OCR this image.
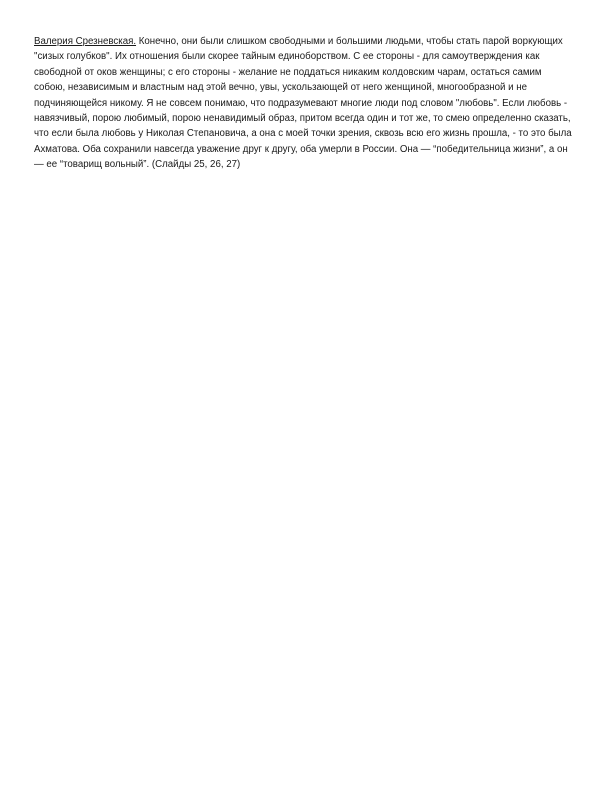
Валерия Срезневская. Конечно, они были слишком свободными и большими людьми, чтобы стать парой воркующих "сизых голубков". Их отношения были скорее тайным единоборством. С ее стороны - для самоутверждения как свободной от оков женщины; с его стороны - желание не поддаться никаким колдовским чарам, остаться самим собою, независимым и властным над этой вечно, увы, ускользающей от него женщиной, многообразной и не подчиняющейся никому. Я не совсем понимаю, что подразумевают многие люди под словом "любовь". Если любовь - навязчивый, порою любимый, порою ненавидимый образ, притом всегда один и тот же, то смею определенно сказать, что если была любовь у Николая Степановича, а она с моей точки зрения, сквозь всю его жизнь прошла, - то это была Ахматова. Оба сохранили навсегда уважение друг к другу, оба умерли в России. Она — “победительница жизни”, а он — ее “товарищ вольный”. (Слайды 25, 26, 27)
